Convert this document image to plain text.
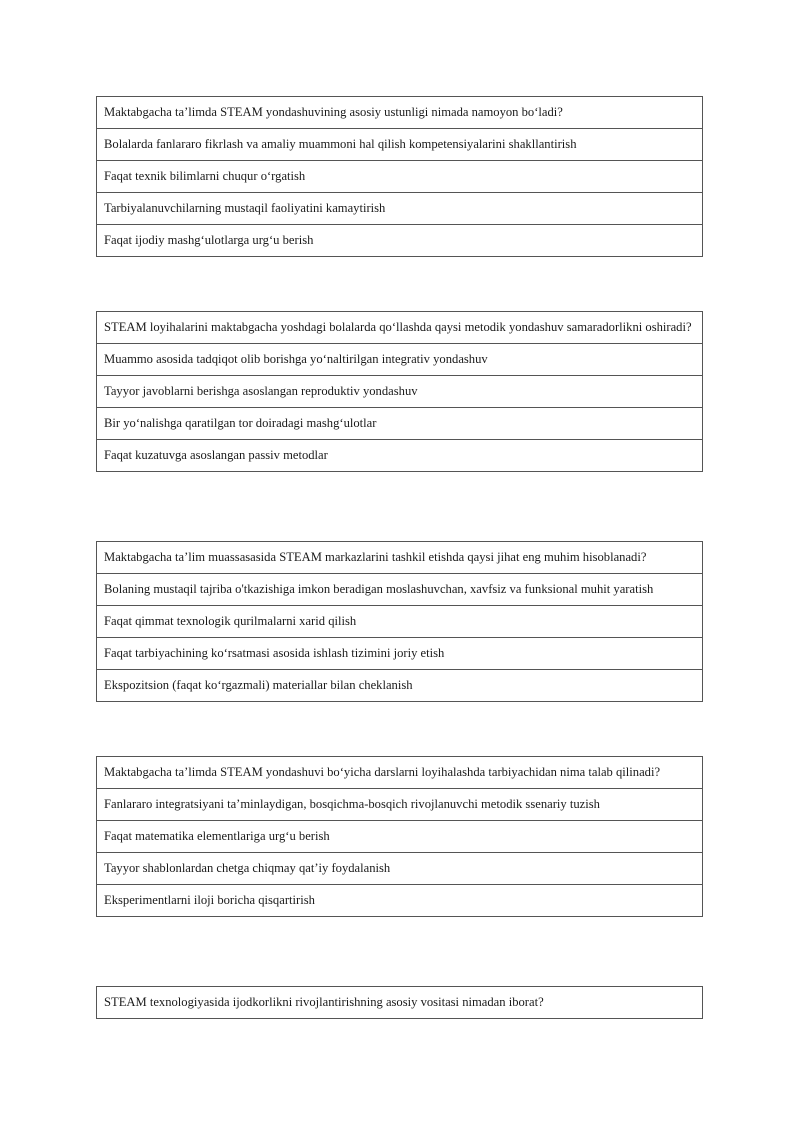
Maktabgacha ta’limda STEAM yondashuvining asosiy ustunligi nimada namoyon bo‘ladi?
Bolalarda fanlararo fikrlash va amaliy muammoni hal qilish kompetensiyalarini shakllantirish
Faqat texnik bilimlarni chuqur o‘rgatish
Tarbiyalanuvchilarning mustaqil faoliyatini kamaytirish
Faqat ijodiy mashg‘ulotlarga urg‘u berish
STEAM loyihalarini maktabgacha yoshdagi bolalarda qo‘llashda qaysi metodik yondashuv samaradorlikni oshiradi?
Muammo asosida tadqiqot olib borishga yo‘naltirilgan integrativ yondashuv
Tayyor javoblarni berishga asoslangan reproduktiv yondashuv
Bir yo‘nalishga qaratilgan tor doiradagi mashg‘ulotlar
Faqat kuzatuvga asoslangan passiv metodlar
Maktabgacha ta’lim muassasasida STEAM markazlarini tashkil etishda qaysi jihat eng muhim hisoblanadi?
Bolaning mustaqil tajriba o'tkazishiga imkon beradigan moslashuvchan, xavfsiz va funksional muhit yaratish
Faqat qimmat texnologik qurilmalarni xarid qilish
Faqat tarbiyachining ko‘rsatmasi asosida ishlash tizimini joriy etish
Ekspozitsion (faqat ko‘rgazmali) materiallar bilan cheklanish
Maktabgacha ta’limda STEAM yondashuvi bo‘yicha darslarni loyihalashda tarbiyachidan nima talab qilinadi?
Fanlararo integratsiyani ta’minlaydigan, bosqichma-bosqich rivojlanuvchi metodik ssenariy tuzish
Faqat matematika elementlariga urg‘u berish
Tayyor shablonlardan chetga chiqmay qat’iy foydalanish
Eksperimentlarni iloji boricha qisqartirish
STEAM texnologiyasida ijodkorlikni rivojlantirishning asosiy vositasi nimadan iborat?
